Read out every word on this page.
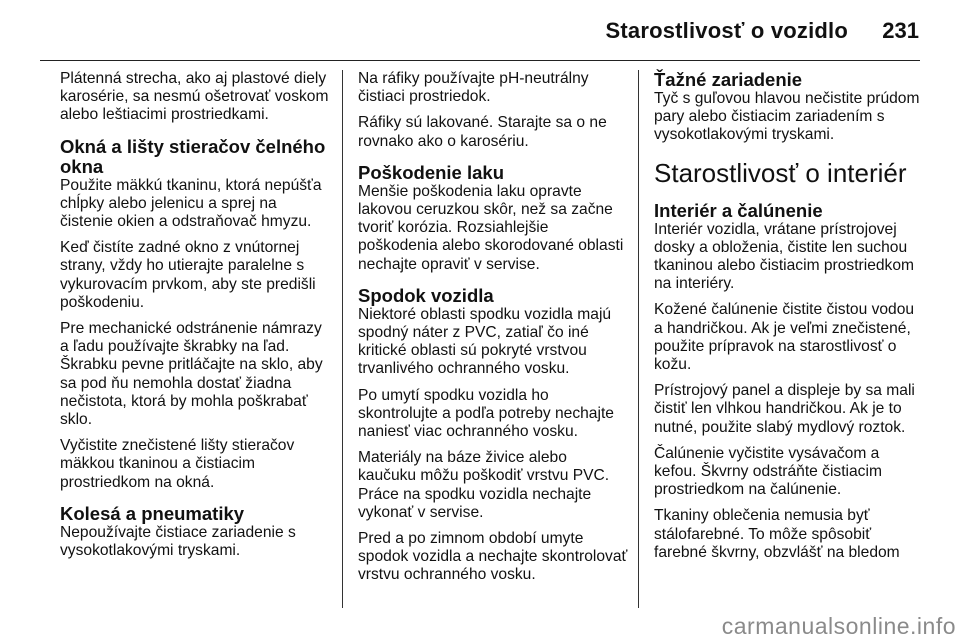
Starostlivosť o vozidlo 231

Plátenná strecha, ako aj plastové diely karosérie, sa nesmú ošetrovať voskom alebo leštiacimi prostriedkami.

Okná a lišty stieračov čelného okna

Použite mäkkú tkaninu, ktorá nepúšťa chĺpky alebo jelenicu a sprej na čistenie okien a odstraňovač hmyzu.

Keď čistíte zadné okno z vnútornej strany, vždy ho utierajte paralelne s vykurovacím prvkom, aby ste predišli poškodeniu.

Pre mechanické odstránenie námrazy a ľadu používajte škrabky na ľad. Škrabku pevne pritláčajte na sklo, aby sa pod ňu nemohla dostať žiadna nečistota, ktorá by mohla poškrabať sklo.

Vyčistite znečistené lišty stieračov mäkkou tkaninou a čistiacim prostriedkom na okná.

Kolesá a pneumatiky

Nepoužívajte čistiace zariadenie s vysokotlakovými tryskami.

Na ráfiky používajte pH-neutrálny čistiaci prostriedok.

Ráfiky sú lakované. Starajte sa o ne rovnako ako o karosériu.

Poškodenie laku

Menšie poškodenia laku opravte lakovou ceruzkou skôr, než sa začne tvoriť korózia. Rozsiahlejšie poškodenia alebo skorodované oblasti nechajte opraviť v servise.

Spodok vozidla

Niektoré oblasti spodku vozidla majú spodný náter z PVC, zatiaľ čo iné kritické oblasti sú pokryté vrstvou trvanlivého ochranného vosku.

Po umytí spodku vozidla ho skontrolujte a podľa potreby nechajte naniesť viac ochranného vosku.

Materiály na báze živice alebo kaučuku môžu poškodiť vrstvu PVC. Práce na spodku vozidla nechajte vykonať v servise.

Pred a po zimnom období umyte spodok vozidla a nechajte skontrolovať vrstvu ochranného vosku.

Ťažné zariadenie

Tyč s guľovou hlavou nečistite prúdom pary alebo čistiacim zariadením s vysokotlakovými tryskami.

Starostlivosť o interiér
Interiér a čalúnenie

Interiér vozidla, vrátane prístrojovej dosky a obloženia, čistite len suchou tkaninou alebo čistiacim prostriedkom na interiéry.

Kožené čalúnenie čistite čistou vodou a handričkou. Ak je veľmi znečistené, použite prípravok na starostlivosť o kožu.

Prístrojový panel a displeje by sa mali čistiť len vlhkou handričkou. Ak je to nutné, použite slabý mydlový roztok.

Čalúnenie vyčistite vysávačom a kefou. Škvrny odstráňte čistiacim prostriedkom na čalúnenie.

Tkaniny oblečenia nemusia byť stálofarebné. To môže spôsobiť farebné škvrny, obzvlášť na bledom

carmanualsonline.info
